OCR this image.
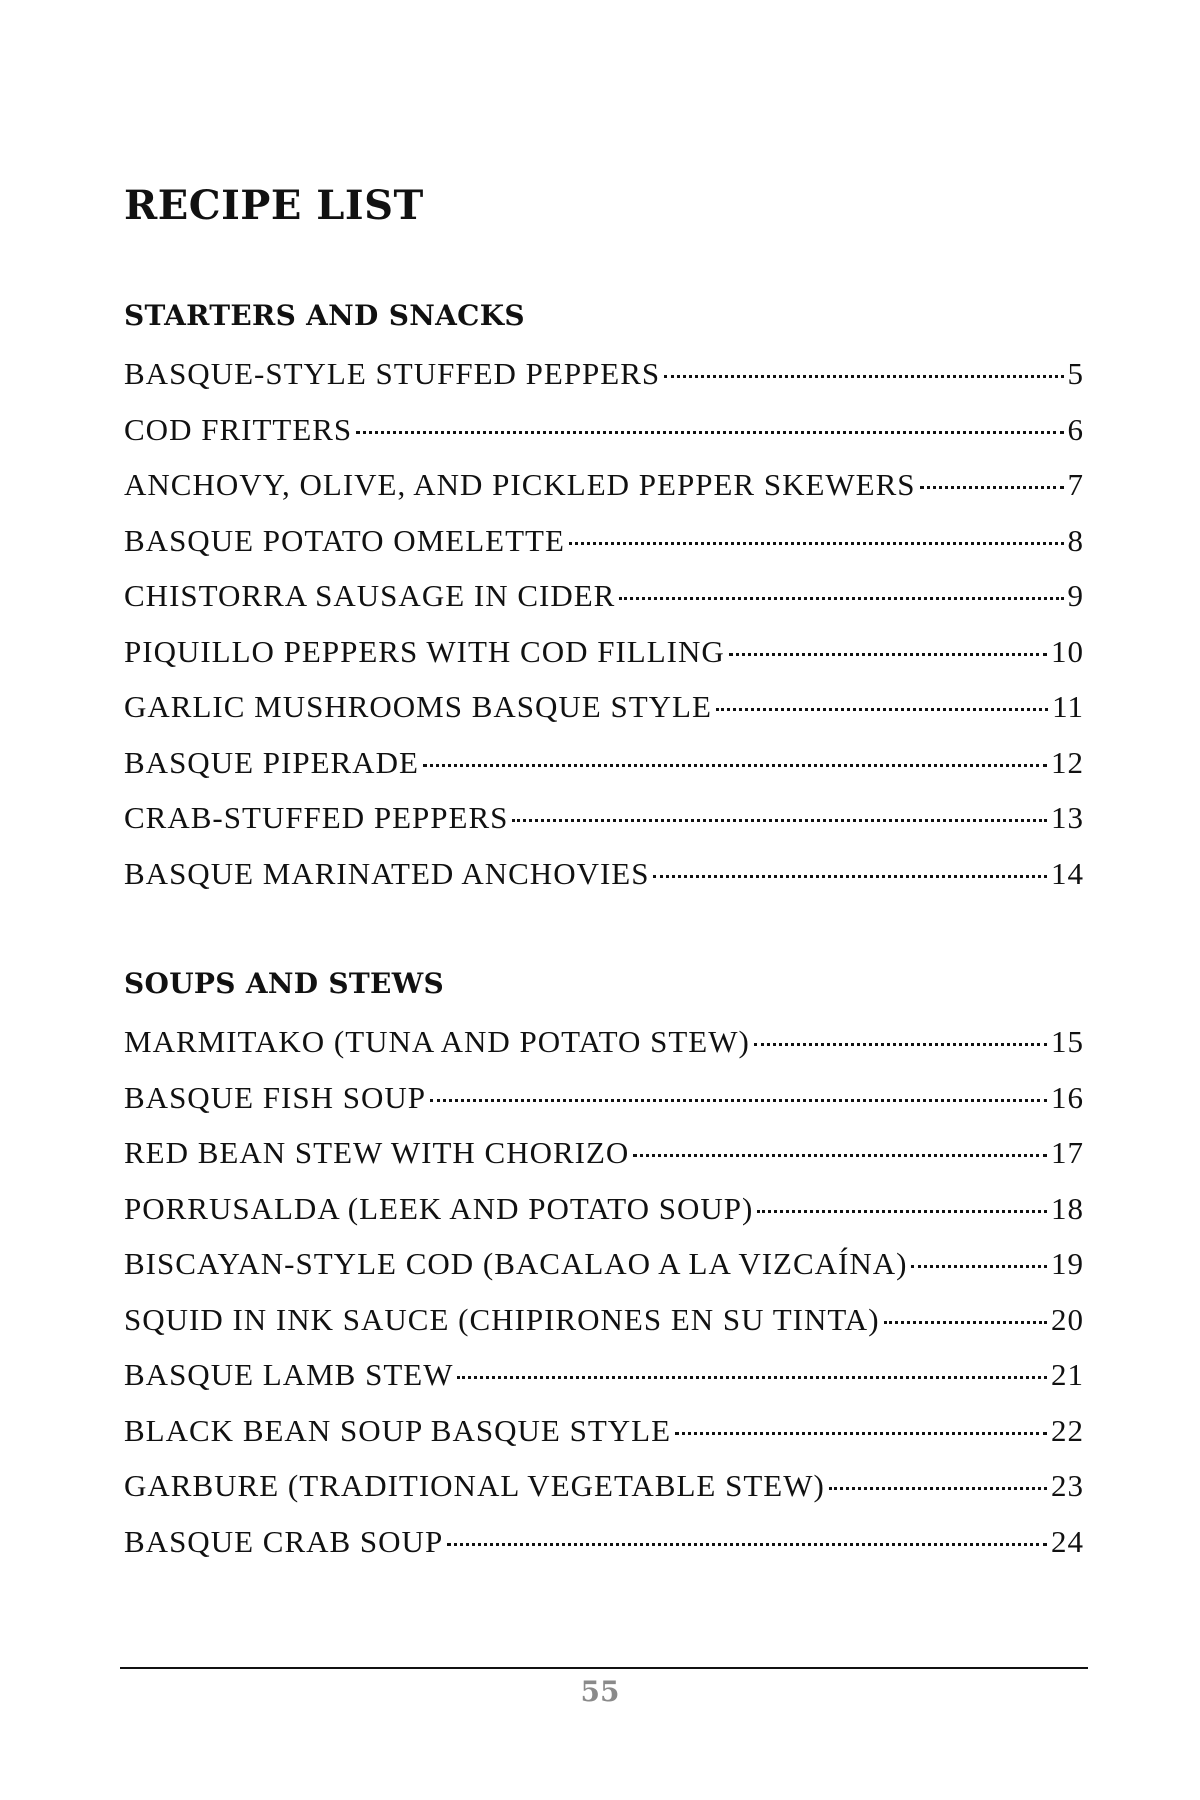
RECIPE LIST
STARTERS AND SNACKS
BASQUE-STYLE STUFFED PEPPERS	5
COD FRITTERS	6
ANCHOVY, OLIVE, AND PICKLED PEPPER SKEWERS	7
BASQUE POTATO OMELETTE	8
CHISTORRA SAUSAGE IN CIDER	9
PIQUILLO PEPPERS WITH COD FILLING	10
GARLIC MUSHROOMS BASQUE STYLE	11
BASQUE PIPERADE	12
CRAB-STUFFED PEPPERS	13
BASQUE MARINATED ANCHOVIES	14
SOUPS AND STEWS
MARMITAKO (TUNA AND POTATO STEW)	15
BASQUE FISH SOUP	16
RED BEAN STEW WITH CHORIZO	17
PORRUSALDA (LEEK AND POTATO SOUP)	18
BISCAYAN-STYLE COD (BACALAO A LA VIZCAÍNA)	19
SQUID IN INK SAUCE (CHIPIRONES EN SU TINTA)	20
BASQUE LAMB STEW	21
BLACK BEAN SOUP BASQUE STYLE	22
GARBURE (TRADITIONAL VEGETABLE STEW)	23
BASQUE CRAB SOUP	24
55
